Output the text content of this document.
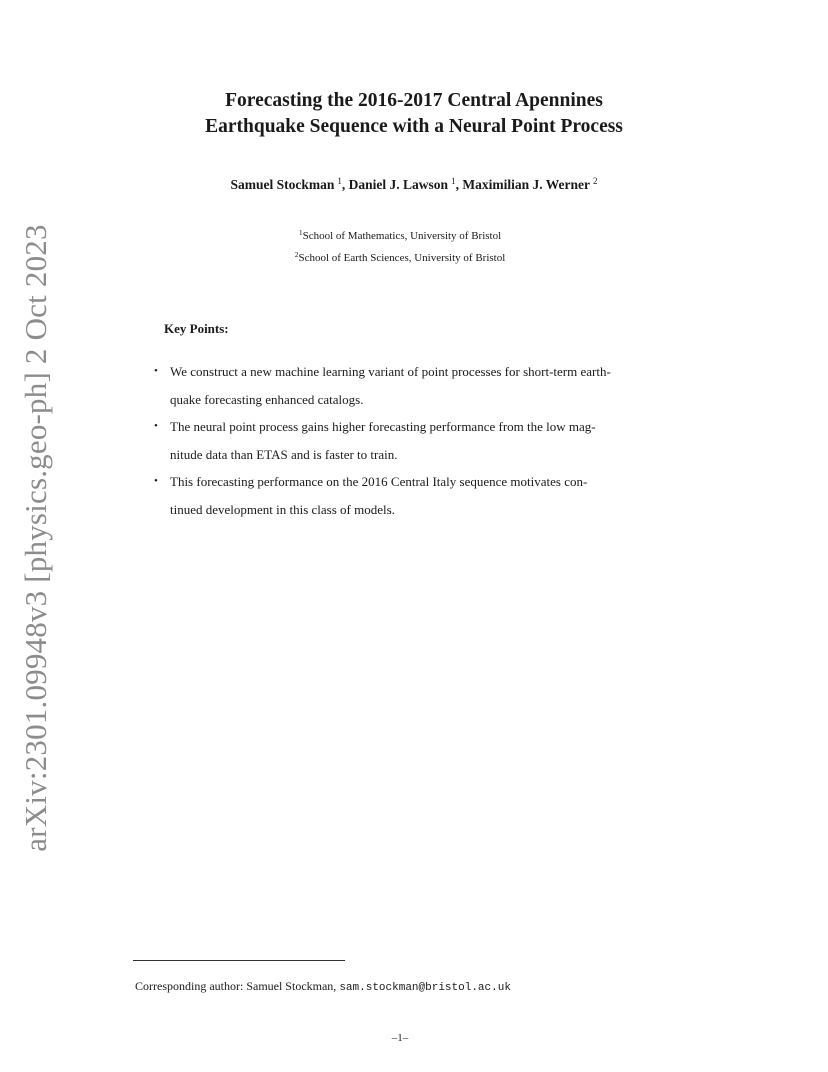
arXiv:2301.09948v3 [physics.geo-ph] 2 Oct 2023
Forecasting the 2016-2017 Central Apennines
Earthquake Sequence with a Neural Point Process
Samuel Stockman $^1$, Daniel J. Lawson $^1$, Maximilian J. Werner $^2$
$^1$School of Mathematics, University of Bristol
$^2$School of Earth Sciences, University of Bristol
Key Points:
• We construct a new machine learning variant of point processes for short-term earth-
quake forecasting enhanced catalogs.
• The neural point process gains higher forecasting performance from the low mag-
nitude data than ETAS and is faster to train.
• This forecasting performance on the 2016 Central Italy sequence motivates con-
tinued development in this class of models.
Corresponding author: Samuel Stockman, sam.stockman@bristol.ac.uk
–1–
